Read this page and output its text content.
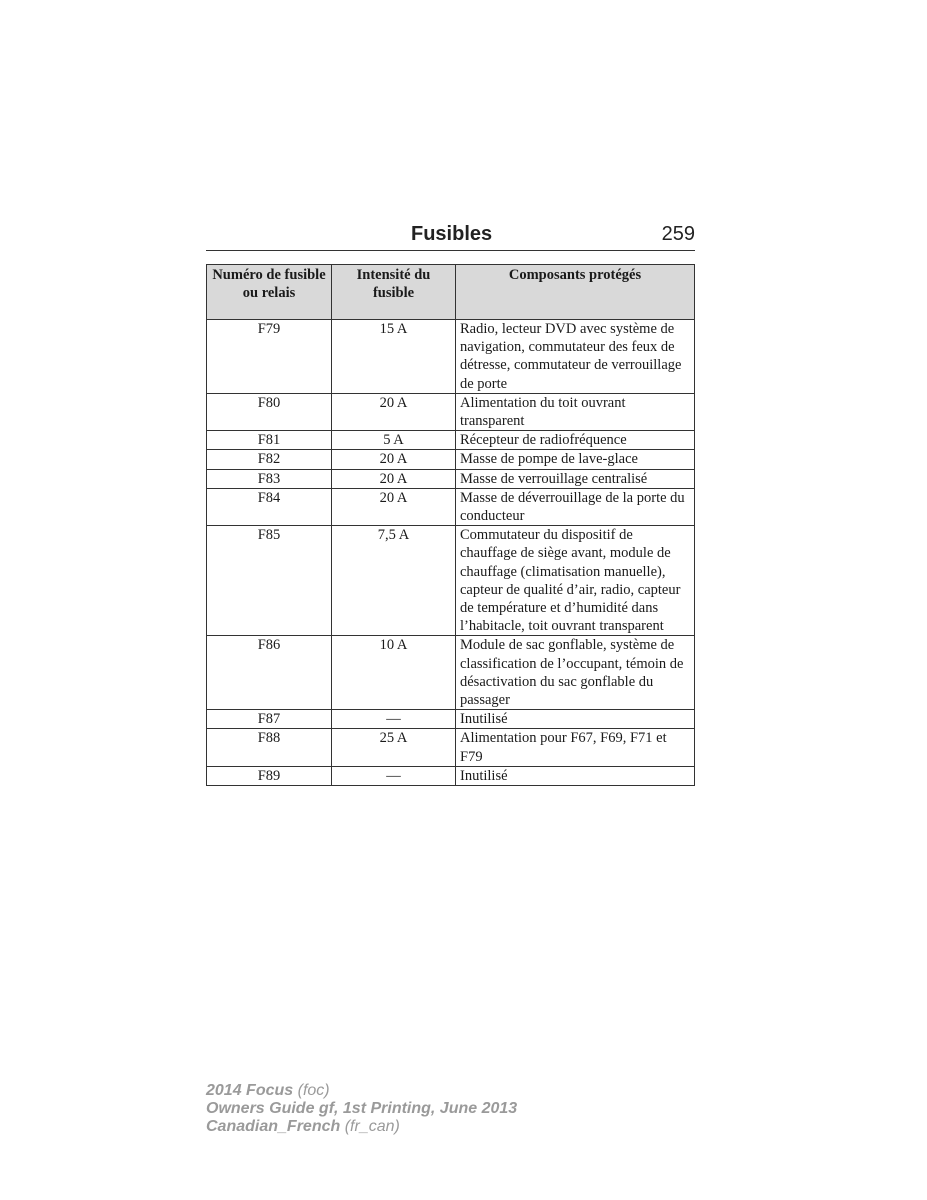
Fusibles	259
Numéro de fusible ou relais	Intensité du fusible	Composants protégés
F79	15 A	Radio, lecteur DVD avec système de navigation, commutateur des feux de détresse, commutateur de verrouillage de porte
F80	20 A	Alimentation du toit ouvrant transparent
F81	5 A	Récepteur de radiofréquence
F82	20 A	Masse de pompe de lave-glace
F83	20 A	Masse de verrouillage centralisé
F84	20 A	Masse de déverrouillage de la porte du conducteur
F85	7,5 A	Commutateur du dispositif de chauffage de siège avant, module de chauffage (climatisation manuelle), capteur de qualité d’air, radio, capteur de température et d’humidité dans l’habitacle, toit ouvrant transparent
F86	10 A	Module de sac gonflable, système de classification de l’occupant, témoin de désactivation du sac gonflable du passager
F87	—	Inutilisé
F88	25 A	Alimentation pour F67, F69, F71 et F79
F89	—	Inutilisé
2014 Focus (foc)
Owners Guide gf, 1st Printing, June 2013
Canadian_French (fr_can)
